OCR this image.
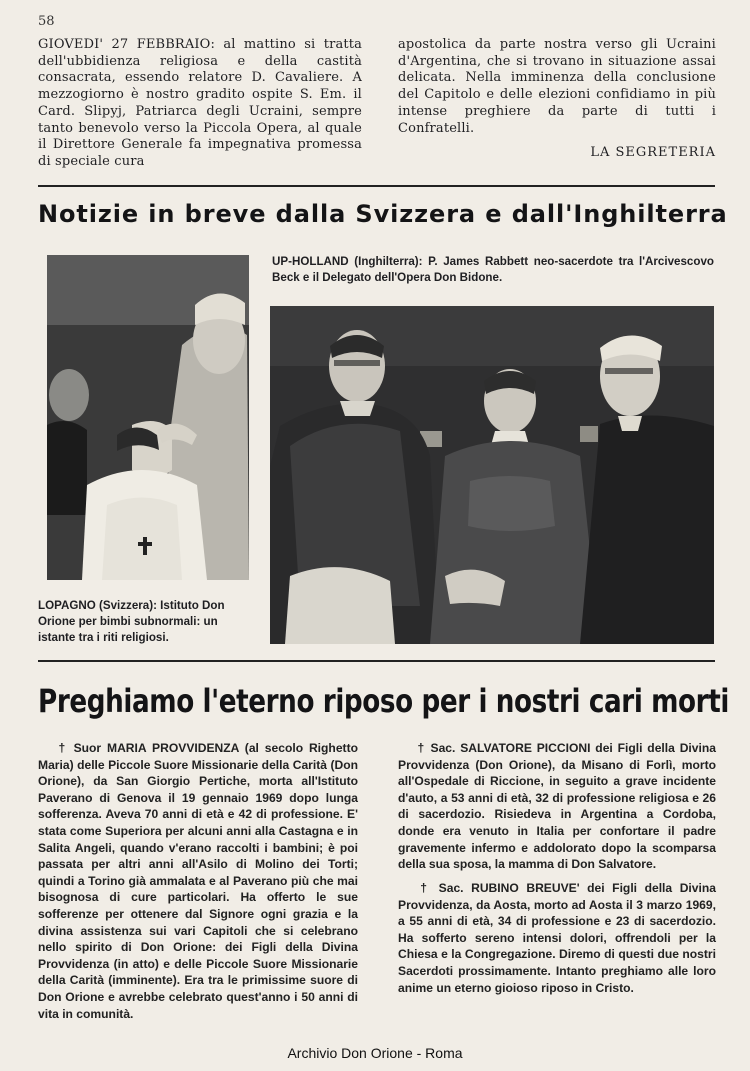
58

GIOVEDI' 27 FEBBRAIO: al mattino si tratta dell'ubbidienza religiosa e della castità consacrata, essendo relatore D. Cavaliere. A mezzogiorno è nostro gradito ospite S. Em. il Card. Slipyj, Patriarca degli Ucraini, sempre tanto benevolo verso la Piccola Opera, al quale il Direttore Generale fa impegnativa promessa di speciale cura

apostolica da parte nostra verso gli Ucraini d'Argentina, che si trovano in situazione assai delicata. Nella imminenza della conclusione del Capitolo e delle elezioni confidiamo in più intense preghiere da parte di tutti i Confratelli.

LA SEGRETERIA
Notizie in breve dalla Svizzera e dall'Inghilterra
UP-HOLLAND (Inghilterra): P. James Rabbett neo-sacerdote tra l'Arcivescovo Beck e il Delegato dell'Opera Don Bidone.
LOPAGNO (Svizzera): Istituto Don Orione per bimbi subnormali: un istante tra i riti religiosi.
Preghiamo l'eterno riposo per i nostri cari morti

† Suor MARIA PROVVIDENZA (al secolo Righetto Maria) delle Piccole Suore Missionarie della Carità (Don Orione), da San Giorgio Pertiche, morta all'Istituto Paverano di Genova il 19 gennaio 1969 dopo lunga sofferenza. Aveva 70 anni di età e 42 di professione. E' stata come Superiora per alcuni anni alla Castagna e in Salita Angeli, quando v'erano raccolti i bambini; è poi passata per altri anni all'Asilo di Molino dei Torti; quindi a Torino già ammalata e al Paverano più che mai bisognosa di cure particolari. Ha offerto le sue sofferenze per ottenere dal Signore ogni grazia e la divina assistenza sui vari Capitoli che si celebrano nello spirito di Don Orione: dei Figli della Divina Provvidenza (in atto) e delle Piccole Suore Missionarie della Carità (imminente). Era tra le primissime suore di Don Orione e avrebbe celebrato quest'anno i 50 anni di vita in comunità.

† Sac. SALVATORE PICCIONI dei Figli della Divina Provvidenza (Don Orione), da Misano di Forlì, morto all'Ospedale di Riccione, in seguito a grave incidente d'auto, a 53 anni di età, 32 di professione religiosa e 26 di sacerdozio. Risiedeva in Argentina a Cordoba, donde era venuto in Italia per confortare il padre gravemente infermo e addolorato dopo la scomparsa della sua sposa, la mamma di Don Salvatore.

† Sac. RUBINO BREUVE' dei Figli della Divina Provvidenza, da Aosta, morto ad Aosta il 3 marzo 1969, a 55 anni di età, 34 di professione e 23 di sacerdozio. Ha sofferto sereno intensi dolori, offrendoli per la Chiesa e la Congregazione. Diremo di questi due nostri Sacerdoti prossimamente. Intanto preghiamo alle loro anime un eterno gioioso riposo in Cristo.

Archivio Don Orione - Roma
